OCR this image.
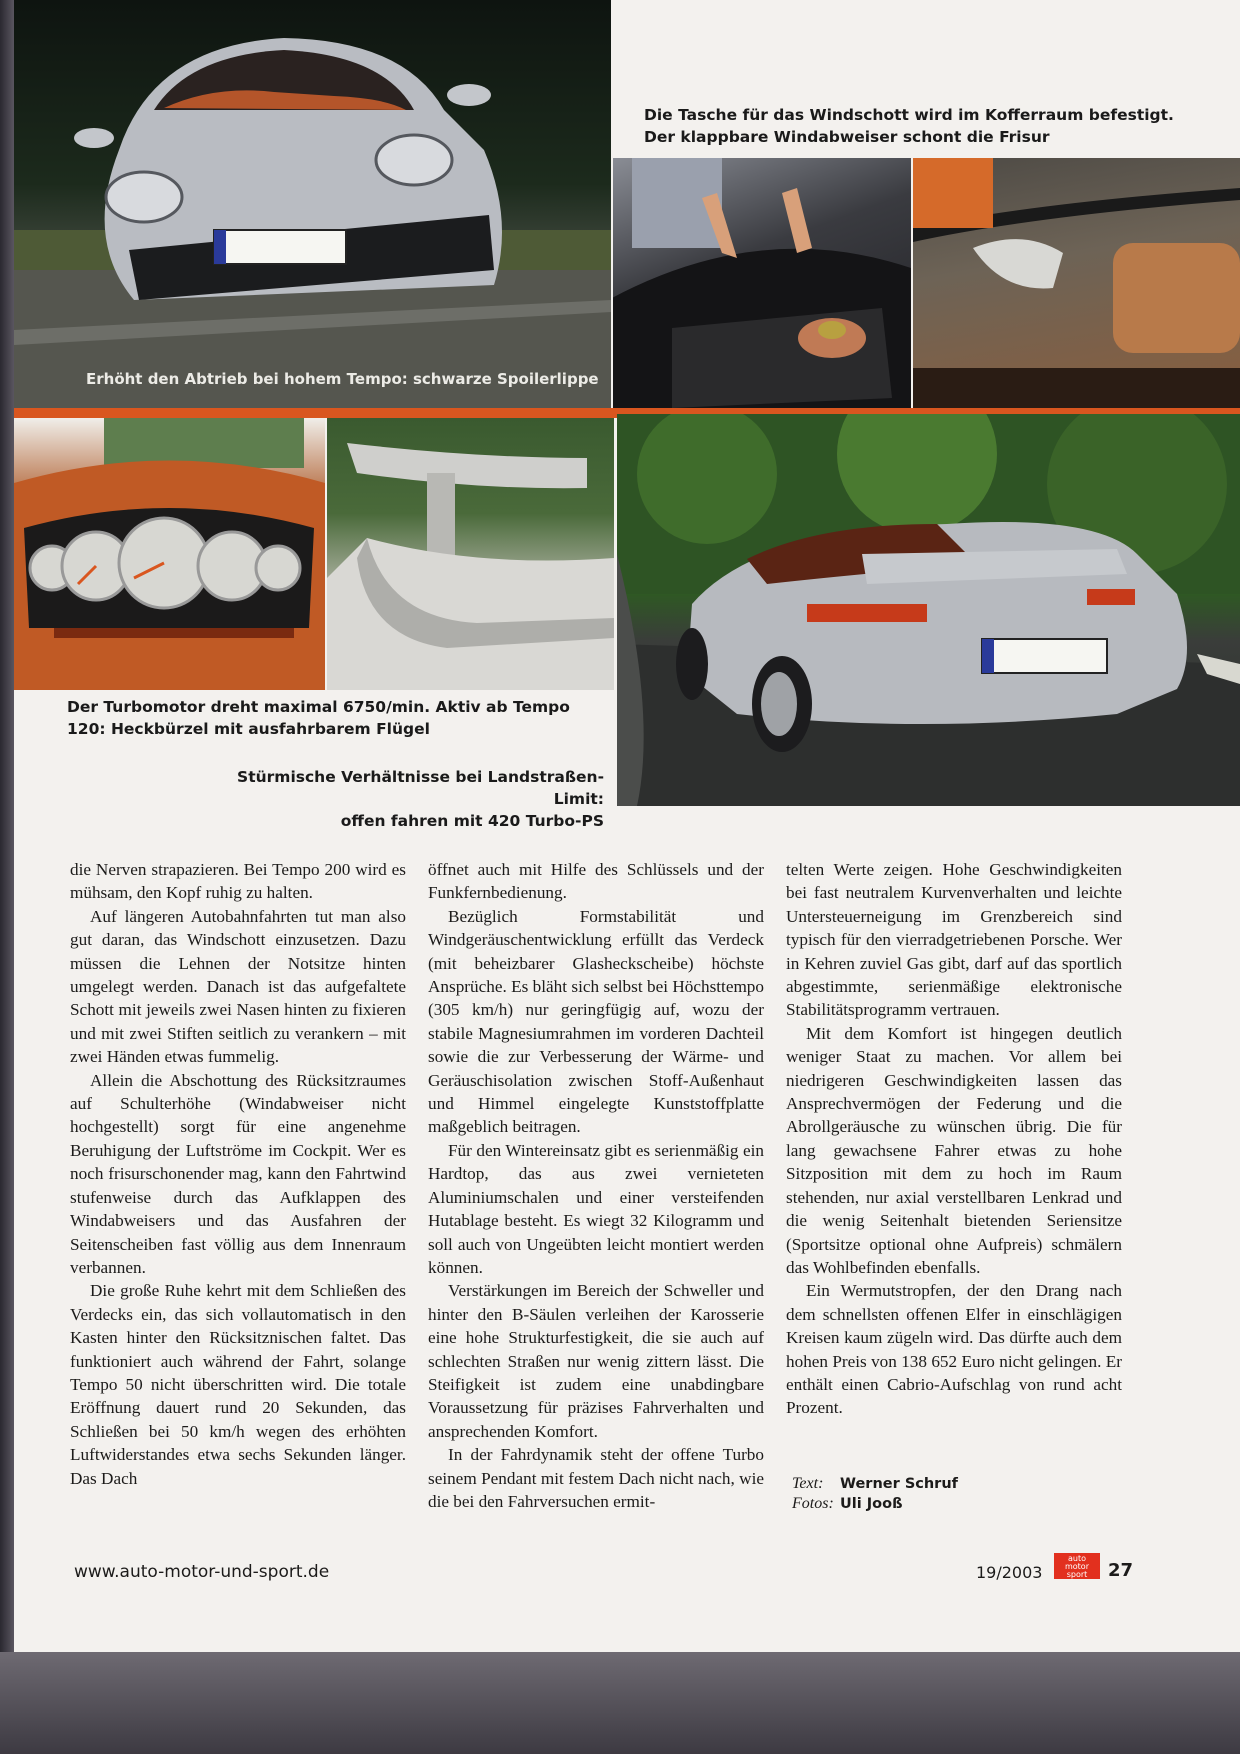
Erhöht den Abtrieb bei hohem Tempo: schwarze Spoilerlippe
Die Tasche für das Windschott wird im Kofferraum befestigt.
Der klappbare Windabweiser schont die Frisur
Der Turbomotor dreht maximal 6750/min. Aktiv ab Tempo
120: Heckbürzel mit ausfahrbarem Flügel
Stürmische Verhältnisse bei Landstraßen-Limit:
offen fahren mit 420 Turbo-PS

die Nerven strapazieren. Bei Tempo 200 wird es mühsam, den Kopf ruhig zu halten.

Auf längeren Autobahnfahrten tut man also gut daran, das Windschott einzusetzen. Dazu müssen die Lehnen der Notsitze hinten umgelegt werden. Danach ist das aufgefaltete Schott mit jeweils zwei Nasen hinten zu fixieren und mit zwei Stiften seitlich zu verankern – mit zwei Händen etwas fummelig.

Allein die Abschottung des Rücksitzraumes auf Schulterhöhe (Windabweiser nicht hochgestellt) sorgt für eine angenehme Beruhigung der Luftströme im Cockpit. Wer es noch frisurschonender mag, kann den Fahrtwind stufenweise durch das Aufklappen des Windabweisers und das Ausfahren der Seitenscheiben fast völlig aus dem Innenraum verbannen.

Die große Ruhe kehrt mit dem Schließen des Verdecks ein, das sich vollautomatisch in den Kasten hinter den Rücksitznischen faltet. Das funktioniert auch während der Fahrt, solange Tempo 50 nicht überschritten wird. Die totale Eröffnung dauert rund 20 Sekunden, das Schließen bei 50 km/h wegen des erhöhten Luftwiderstandes etwa sechs Sekunden länger. Das Dach

öffnet auch mit Hilfe des Schlüssels und der Funkfernbedienung.

Bezüglich Formstabilität und Windgeräuschentwicklung erfüllt das Verdeck (mit beheizbarer Glasheckscheibe) höchste Ansprüche. Es bläht sich selbst bei Höchsttempo (305 km/h) nur geringfügig auf, wozu der stabile Magnesiumrahmen im vorderen Dachteil sowie die zur Verbesserung der Wärme- und Geräuschisolation zwischen Stoff-Außenhaut und Himmel eingelegte Kunststoffplatte maßgeblich beitragen.

Für den Wintereinsatz gibt es serienmäßig ein Hardtop, das aus zwei vernieteten Aluminiumschalen und einer versteifenden Hutablage besteht. Es wiegt 32 Kilogramm und soll auch von Ungeübten leicht montiert werden können.

Verstärkungen im Bereich der Schweller und hinter den B-Säulen verleihen der Karosserie eine hohe Strukturfestigkeit, die sie auch auf schlechten Straßen nur wenig zittern lässt. Die Steifigkeit ist zudem eine unabdingbare Voraussetzung für präzises Fahrverhalten und ansprechenden Komfort.

In der Fahrdynamik steht der offene Turbo seinem Pendant mit festem Dach nicht nach, wie die bei den Fahrversuchen ermit-

telten Werte zeigen. Hohe Geschwindigkeiten bei fast neutralem Kurvenverhalten und leichte Untersteuerneigung im Grenzbereich sind typisch für den vierradgetriebenen Porsche. Wer in Kehren zuviel Gas gibt, darf auf das sportlich abgestimmte, serienmäßige elektronische Stabilitätsprogramm vertrauen.

Mit dem Komfort ist hingegen deutlich weniger Staat zu machen. Vor allem bei niedrigeren Geschwindigkeiten lassen das Ansprechvermögen der Federung und die Abrollgeräusche zu wünschen übrig. Die für lang gewachsene Fahrer etwas zu hohe Sitzposition mit dem zu hoch im Raum stehenden, nur axial verstellbaren Lenkrad und die wenig Seitenhalt bietenden Seriensitze (Sportsitze optional ohne Aufpreis) schmälern das Wohlbefinden ebenfalls.

Ein Wermutstropfen, der den Drang nach dem schnellsten offenen Elfer in einschlägigen Kreisen kaum zügeln wird. Das dürfte auch dem hohen Preis von 138 652 Euro nicht gelingen. Er enthält einen Cabrio-Aufschlag von rund acht Prozent.

Text: Werner Schruf
Fotos: Uli Jooß
www.auto-motor-und-sport.de	19/2003
auto
motor
sport	27
